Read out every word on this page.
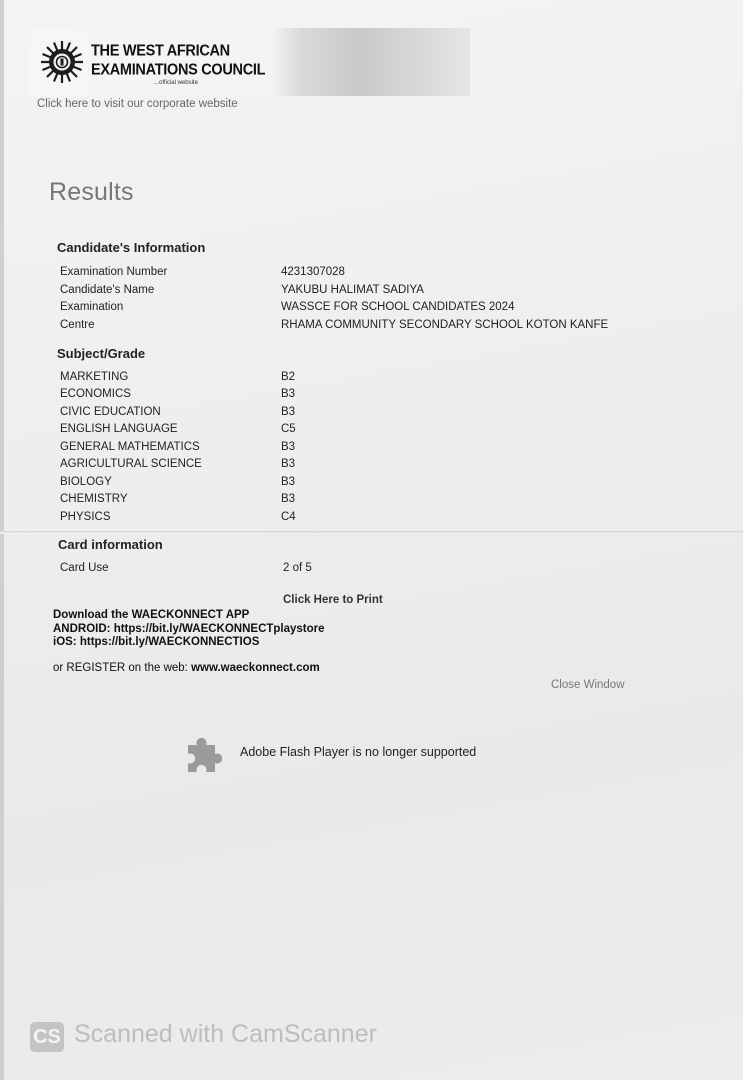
THE WEST AFRICAN
EXAMINATIONS COUNCIL
...official website
Click here to visit our corporate website
Results
Candidate's Information
Examination Number	4231307028
Candidate's Name	YAKUBU HALIMAT SADIYA
Examination	WASSCE FOR SCHOOL CANDIDATES 2024
Centre	RHAMA COMMUNITY SECONDARY SCHOOL KOTON KANFE
Subject/Grade
MARKETING	B2
ECONOMICS	B3
CIVIC EDUCATION	B3
ENGLISH LANGUAGE	C5
GENERAL MATHEMATICS	B3
AGRICULTURAL SCIENCE	B3
BIOLOGY	B3
CHEMISTRY	B3
PHYSICS	C4
Card information
Card Use	2 of 5
Click Here to Print
Download the WAECKONNECT APP
ANDROID: https://bit.ly/WAECKONNECTplaystore
iOS: https://bit.ly/WAECKONNECTIOS
or REGISTER on the web: www.waeckonnect.com
Close Window
Adobe Flash Player is no longer supported
CS Scanned with CamScanner
